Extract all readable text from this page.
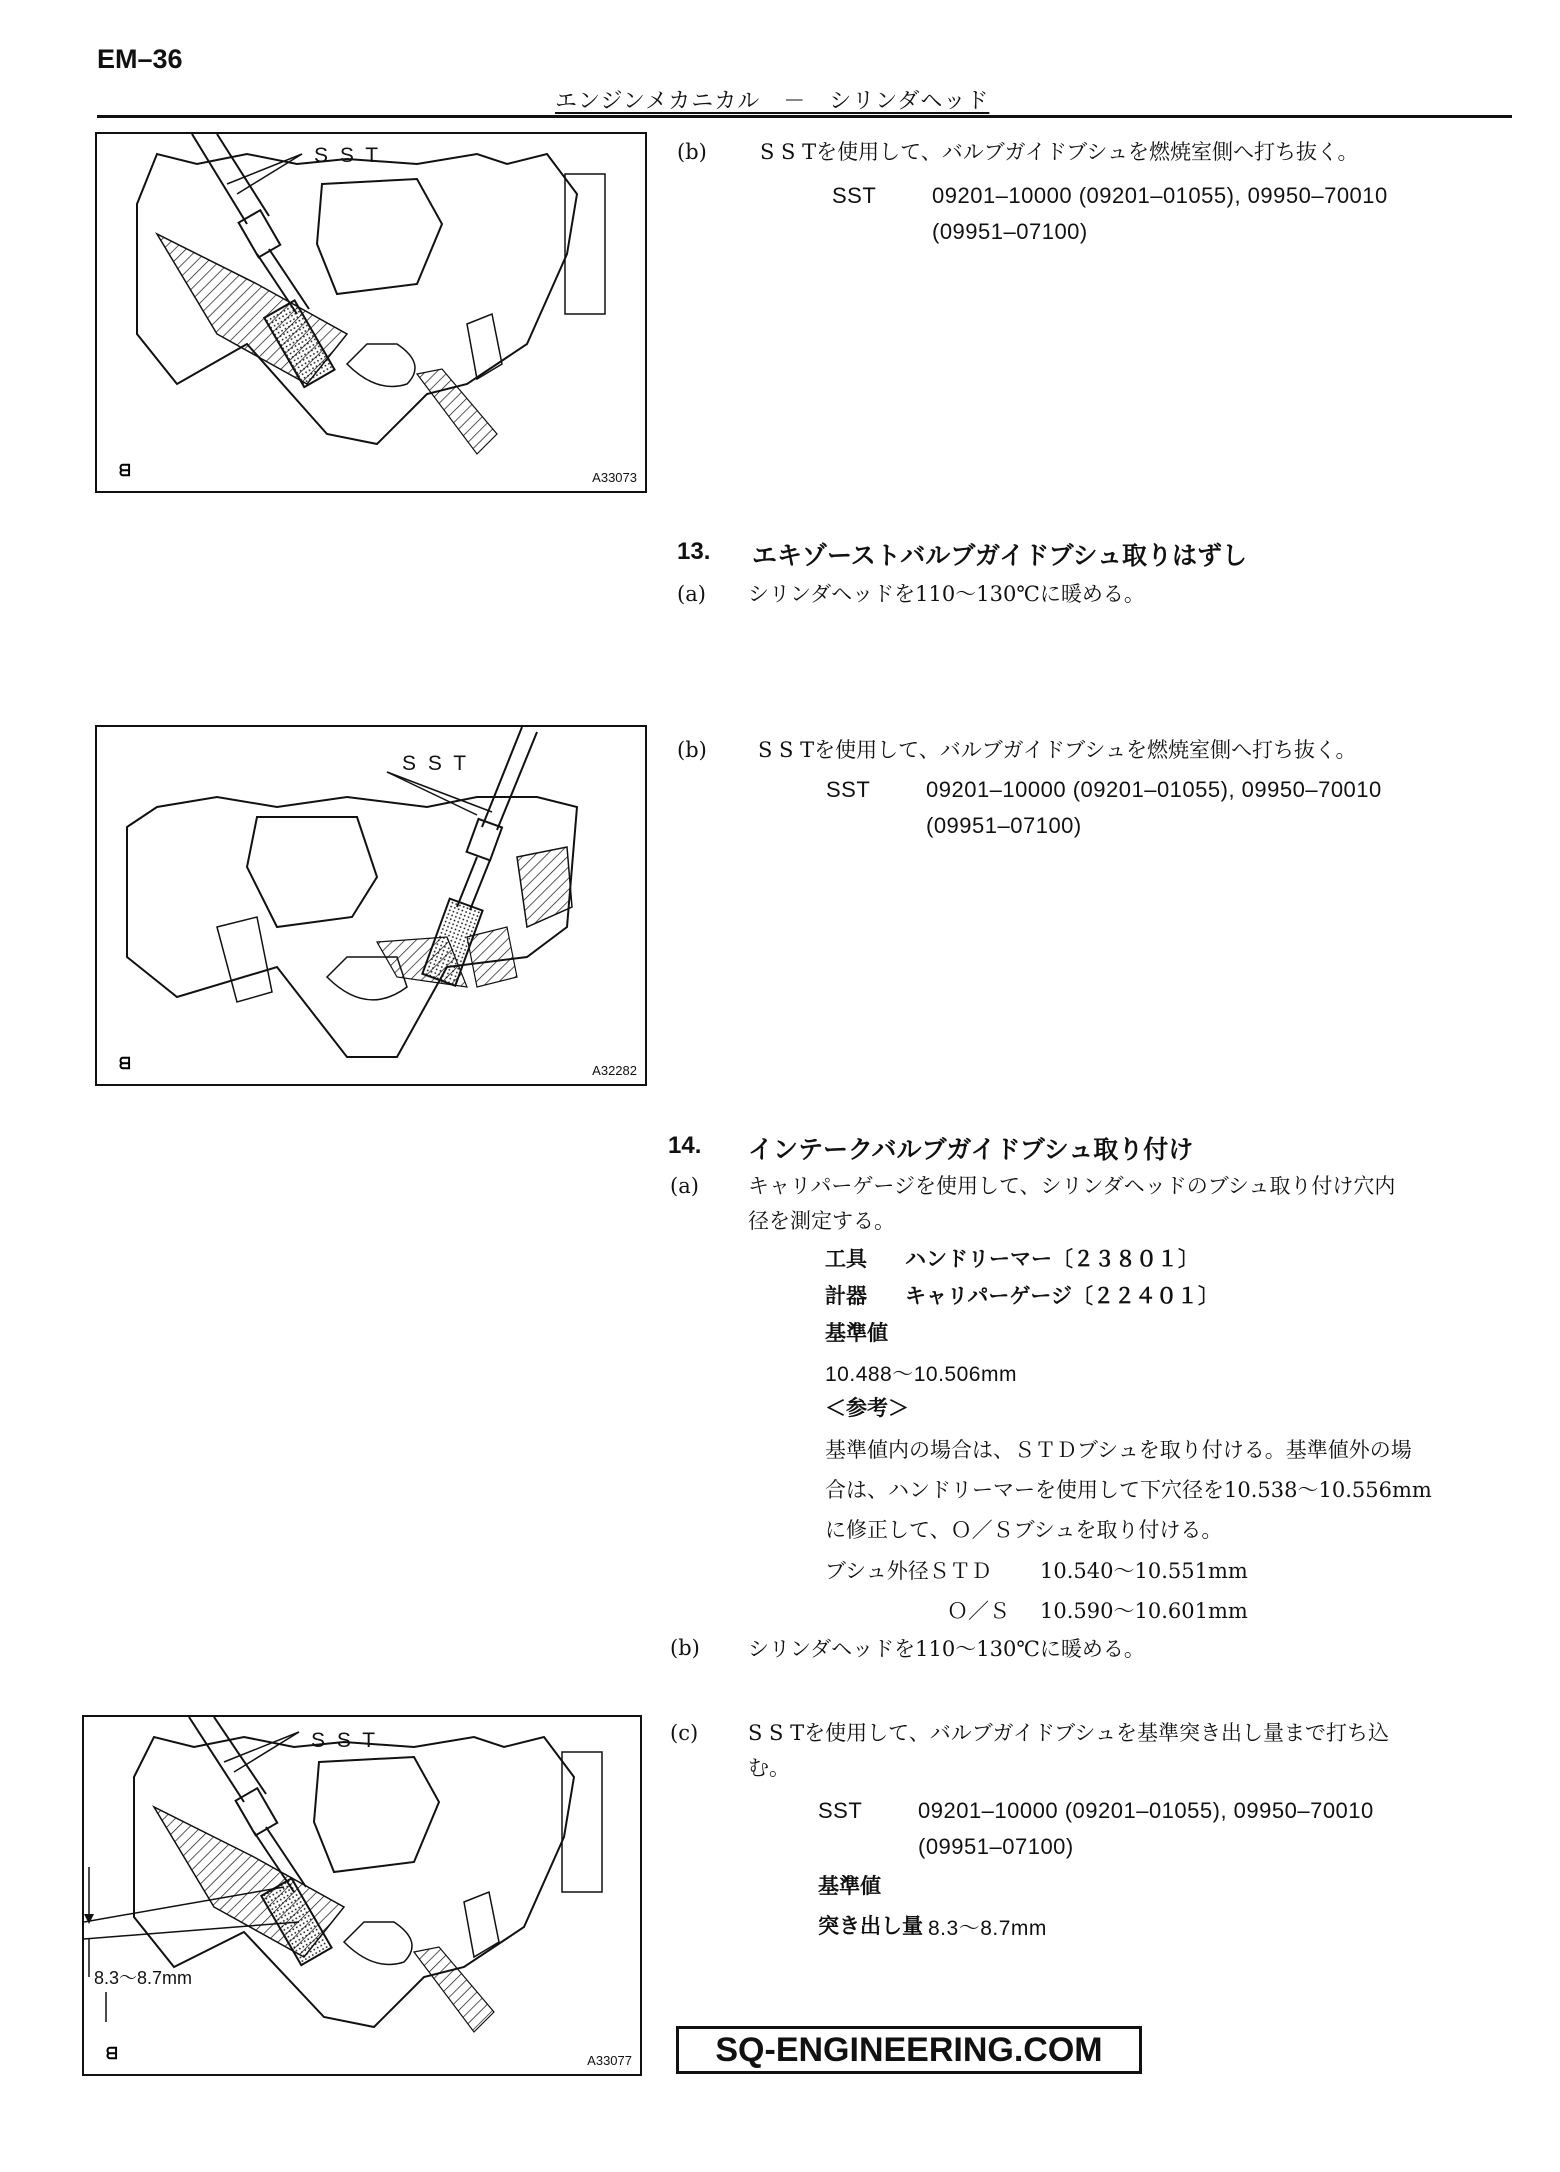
EM–36
エンジンメカニカル　－　シリンダヘッド
ᗺ
S S T
A33073
(b)	S S Tを使用して、バルブガイドブシュを燃焼室側へ打ち抜く。
SST	09201–10000 (09201–01055), 09950–70010
(09951–07100)
13. エキゾーストバルブガイドブシュ取りはずし
(a) シリンダヘッドを110〜130℃に暖める。
ᗺ
S S T
A32282
(b) S S Tを使用して、バルブガイドブシュを燃焼室側へ打ち抜く。
SST	09201–10000 (09201–01055), 09950–70010
(09951–07100)
14. インテークバルブガイドブシュ取り付け
(a) キャリパーゲージを使用して、シリンダヘッドのブシュ取り付け穴内
径を測定する。
工具 ハンドリーマー〔２３８０１〕
計器 キャリパーゲージ〔２２４０１〕
基準値
10.488〜10.506mm
＜参考＞
基準値内の場合は、ＳＴＤブシュを取り付ける。基準値外の場
合は、ハンドリーマーを使用して下穴径を10.538〜10.556mm
に修正して、Ｏ／Ｓブシュを取り付ける。
ブシュ外径ＳＴＤ 10.540〜10.551mm
Ｏ／Ｓ 10.590〜10.601mm
(b) シリンダヘッドを110〜130℃に暖める。
ᗺ
S S T
8.3〜8.7mm
A33077
(c) S S Tを使用して、バルブガイドブシュを基準突き出し量まで打ち込
む。
SST	09201–10000 (09201–01055), 09950–70010
(09951–07100)
基準値
突き出し量 8.3〜8.7mm
SQ-ENGINEERING.COM
